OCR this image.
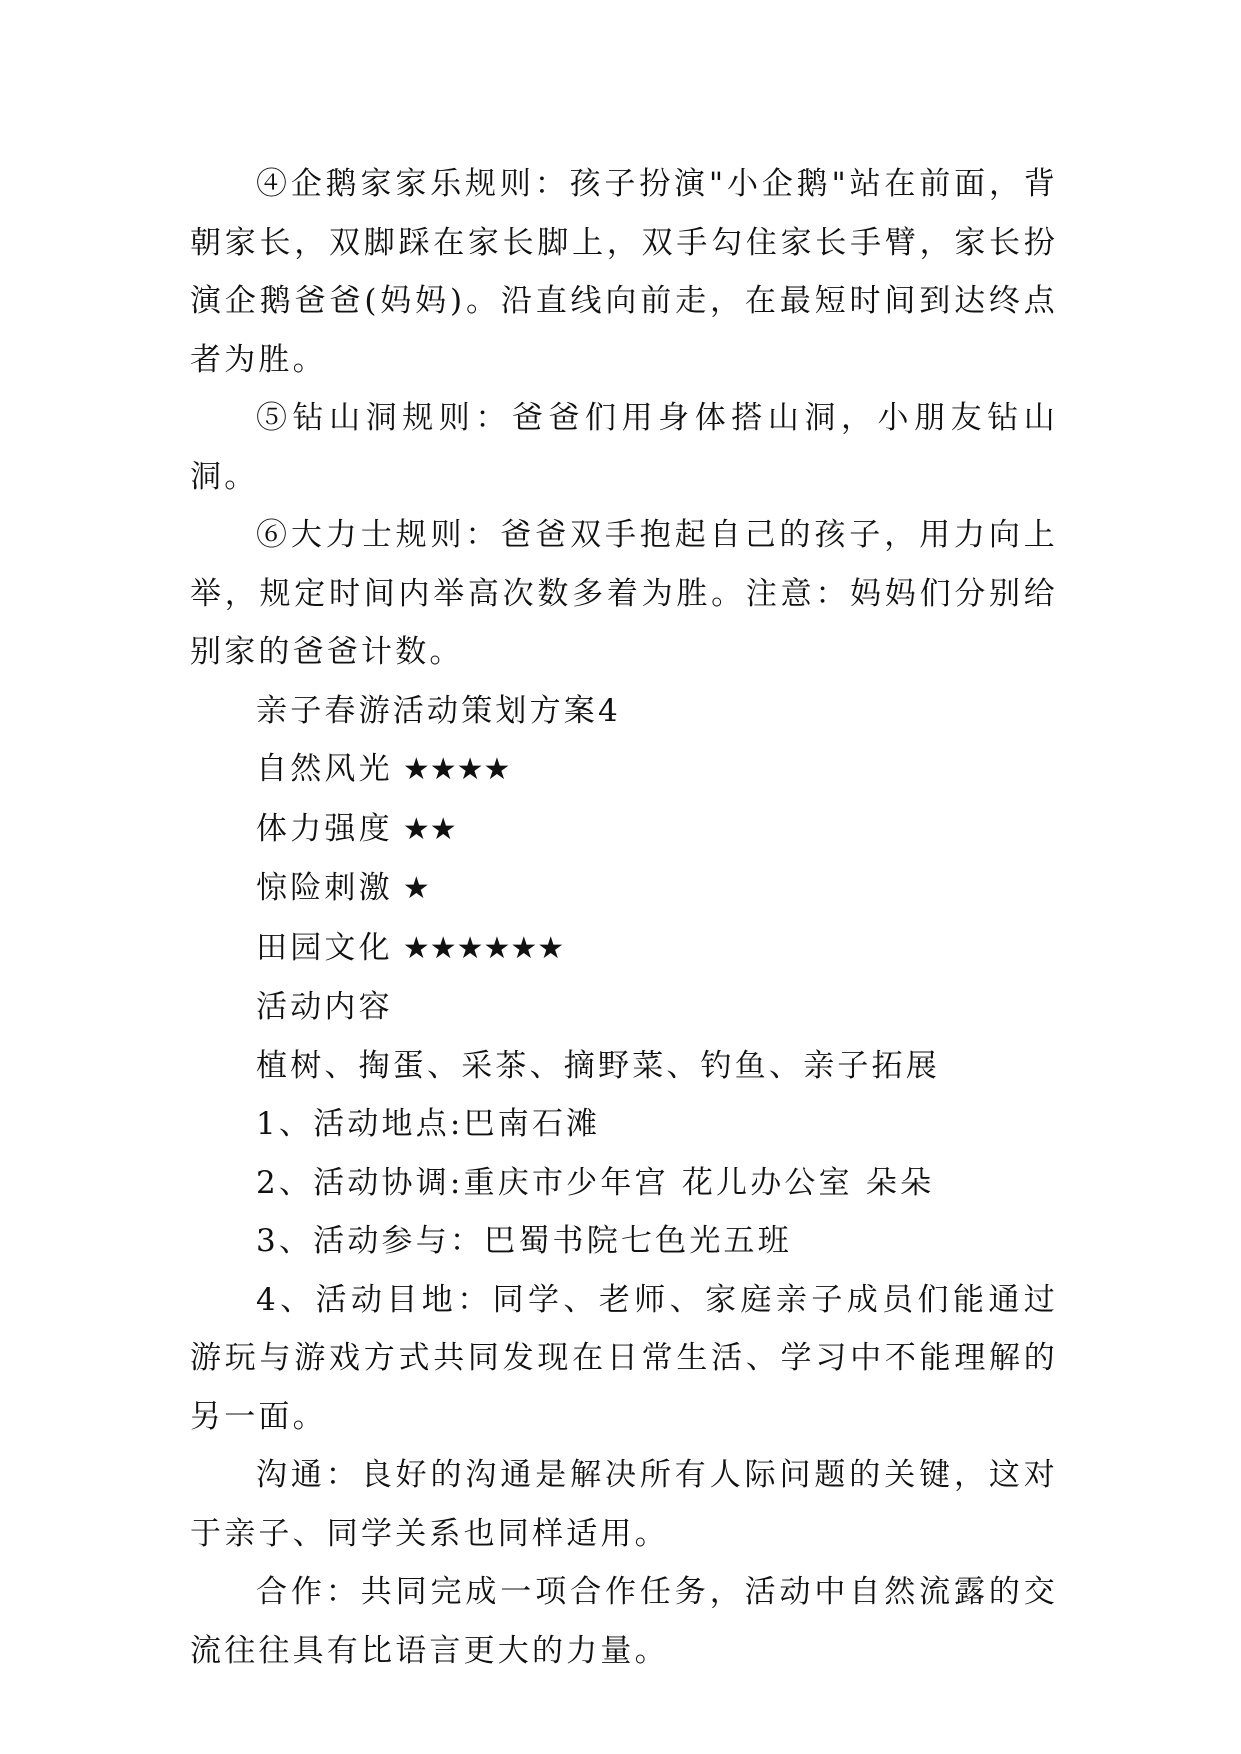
④企鹅家家乐规则：孩子扮演"小企鹅"站在前面，背朝家长，双脚踩在家长脚上，双手勾住家长手臂，家长扮演企鹅爸爸(妈妈)。沿直线向前走，在最短时间到达终点者为胜。

⑤钻山洞规则：爸爸们用身体搭山洞，小朋友钻山洞。

⑥大力士规则：爸爸双手抱起自己的孩子，用力向上举，规定时间内举高次数多着为胜。注意：妈妈们分别给别家的爸爸计数。

亲子春游活动策划方案4

自然风光 ★★★★

体力强度 ★★

惊险刺激 ★

田园文化 ★★★★★★

活动内容

植树、掏蛋、采茶、摘野菜、钓鱼、亲子拓展

1、活动地点:巴南石滩

2、活动协调:重庆市少年宫 花儿办公室 朵朵

3、活动参与：巴蜀书院七色光五班

4、活动目地：同学、老师、家庭亲子成员们能通过游玩与游戏方式共同发现在日常生活、学习中不能理解的另一面。

沟通：良好的沟通是解决所有人际问题的关键，这对于亲子、同学关系也同样适用。

合作：共同完成一项合作任务，活动中自然流露的交流往往具有比语言更大的力量。
